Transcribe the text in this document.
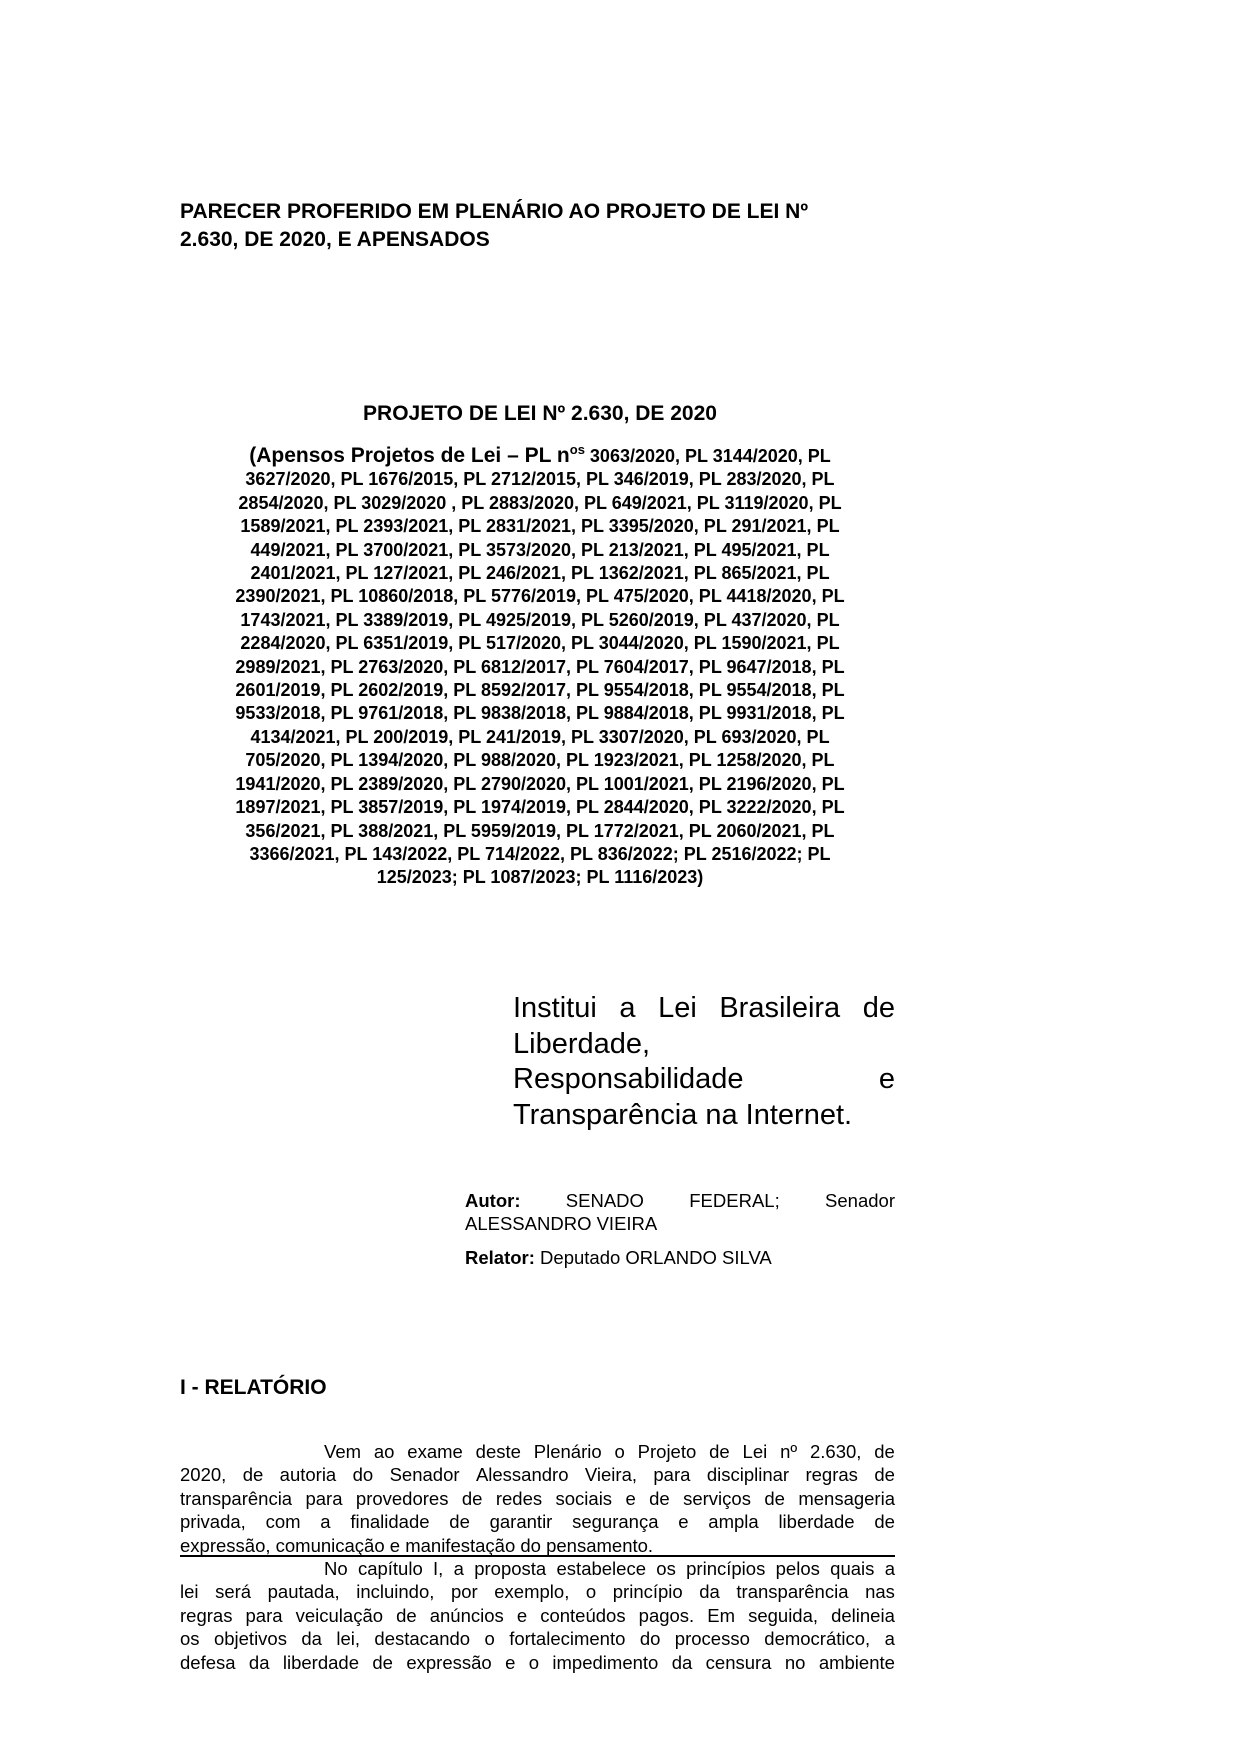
PARECER PROFERIDO EM PLENÁRIO AO PROJETO DE LEI Nº
2.630, DE 2020, E APENSADOS
PROJETO DE LEI Nº 2.630, DE 2020
(Apensos Projetos de Lei – PL $n^{os}$ 3063/2020, PL 3144/2020, PL
3627/2020, PL 1676/2015, PL 2712/2015, PL 346/2019, PL 283/2020, PL
2854/2020, PL 3029/2020 , PL 2883/2020, PL 649/2021, PL 3119/2020, PL
1589/2021, PL 2393/2021, PL 2831/2021, PL 3395/2020, PL 291/2021, PL
449/2021, PL 3700/2021, PL 3573/2020, PL 213/2021, PL 495/2021, PL
2401/2021, PL 127/2021, PL 246/2021, PL 1362/2021, PL 865/2021, PL
2390/2021, PL 10860/2018, PL 5776/2019, PL 475/2020, PL 4418/2020, PL
1743/2021, PL 3389/2019, PL 4925/2019, PL 5260/2019, PL 437/2020, PL
2284/2020, PL 6351/2019, PL 517/2020, PL 3044/2020, PL 1590/2021, PL
2989/2021, PL 2763/2020, PL 6812/2017, PL 7604/2017, PL 9647/2018, PL
2601/2019, PL 2602/2019, PL 8592/2017, PL 9554/2018, PL 9554/2018, PL
9533/2018, PL 9761/2018, PL 9838/2018, PL 9884/2018, PL 9931/2018, PL
4134/2021, PL 200/2019, PL 241/2019, PL 3307/2020, PL 693/2020, PL
705/2020, PL 1394/2020, PL 988/2020, PL 1923/2021, PL 1258/2020, PL
1941/2020, PL 2389/2020, PL 2790/2020, PL 1001/2021, PL 2196/2020, PL
1897/2021, PL 3857/2019, PL 1974/2019, PL 2844/2020, PL 3222/2020, PL
356/2021, PL 388/2021, PL 5959/2019, PL 1772/2021, PL 2060/2021, PL
3366/2021, PL 143/2022, PL 714/2022, PL 836/2022; PL 2516/2022; PL
125/2023; PL 1087/2023; PL 1116/2023)
Institui a Lei Brasileira de
Liberdade,
Responsabilidade	e
Transparência na Internet.
Autor: SENADO FEDERAL; Senador
ALESSANDRO VIEIRA
Relator: Deputado ORLANDO SILVA
I - RELATÓRIO
Vem ao exame deste Plenário o Projeto de Lei nº 2.630, de
2020, de autoria do Senador Alessandro Vieira, para disciplinar regras de
transparência para provedores de redes sociais e de serviços de mensageria
privada, com a finalidade de garantir segurança e ampla liberdade de
expressão, comunicação e manifestação do pensamento.
No capítulo I, a proposta estabelece os princípios pelos quais a
lei será pautada, incluindo, por exemplo, o princípio da transparência nas
regras para veiculação de anúncios e conteúdos pagos. Em seguida, delineia
os objetivos da lei, destacando o fortalecimento do processo democrático, a
defesa da liberdade de expressão e o impedimento da censura no ambiente
